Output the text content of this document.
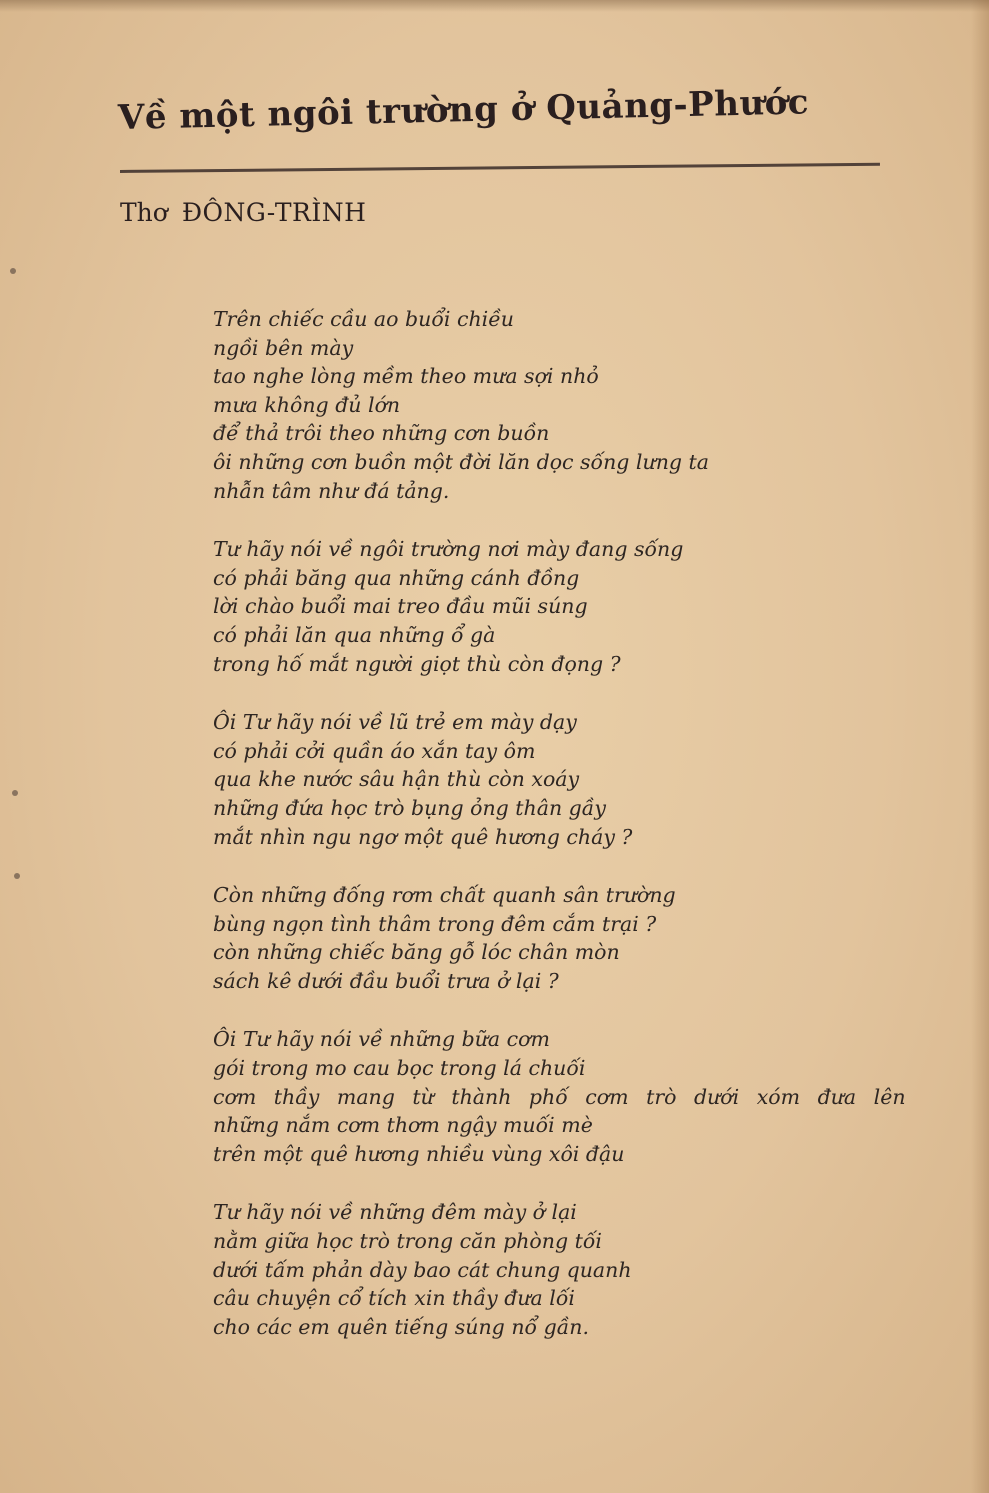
Về một ngôi trường ở Quảng-Phước
Thơ ĐÔNG-TRÌNH
Trên chiếc cầu ao buổi chiều
ngồi bên mày
tao nghe lòng mềm theo mưa sợi nhỏ
mưa không đủ lớn
để thả trôi theo những cơn buồn
ôi những cơn buồn một đời lăn dọc sống lưng ta
nhẫn tâm như đá tảng.
Tư hãy nói về ngôi trường nơi mày đang sống
có phải băng qua những cánh đồng
lời chào buổi mai treo đầu mũi súng
có phải lăn qua những ổ gà
trong hố mắt người giọt thù còn đọng ?
Ôi Tư hãy nói về lũ trẻ em mày dạy
có phải cởi quần áo xắn tay ôm
qua khe nước sâu hận thù còn xoáy
những đứa học trò bụng ỏng thân gầy
mắt nhìn ngu ngơ một quê hương cháy ?
Còn những đống rơm chất quanh sân trường
bùng ngọn tình thâm trong đêm cắm trại ?
còn những chiếc băng gỗ lóc chân mòn
sách kê dưới đầu buổi trưa ở lại ?
Ôi Tư hãy nói về những bữa cơm
gói trong mo cau bọc trong lá chuối
cơm thầy mang từ thành phố cơm trò dưới xóm đưa lên
những nắm cơm thơm ngậy muối mè
trên một quê hương nhiều vùng xôi đậu
Tư hãy nói về những đêm mày ở lại
nằm giữa học trò trong căn phòng tối
dưới tấm phản dày bao cát chung quanh
câu chuyện cổ tích xin thầy đưa lối
cho các em quên tiếng súng nổ gần.
